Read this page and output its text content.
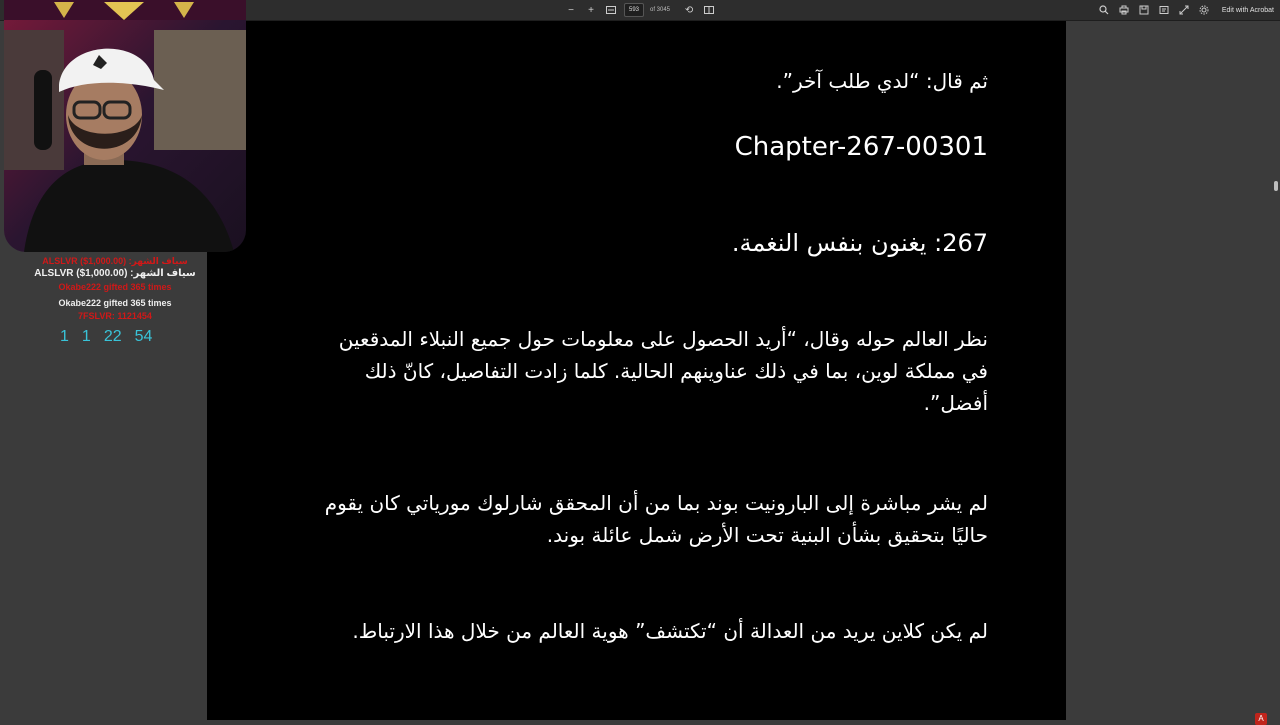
−	+	593	of 3045 ⟲	Edit with Acrobat

ثم قال: “لدي طلب آخر”.

Chapter-267-00301

267: يغنون بنفس النغمة.

نظر العالم حوله وقال، “أريد الحصول على معلومات حول جميع النبلاء المدقعين في مملكة لوين، بما في ذلك عناوينهم الحالية. كلما زادت التفاصيل، كانّ ذلك أفضل”.

لم يشر مباشرة إلى البارونيت بوند بما من أن المحقق شارلوك مورياتي كان يقوم حاليًا بتحقيق بشأن البنية تحت الأرض شمل عائلة بوند.

لم يكن كلاين يريد من العدالة أن “تكتشف” هوية العالم من خلال هذا الارتباط.

A
ALSLVR ($1,000.00) :سياف الشهر
ALSLVR ($1,000.00) :سياف الشهر
Okabe222 gifted 365 times
Okabe222 gifted 365 times
7FSLVR: 1121454
1 1 22 54
